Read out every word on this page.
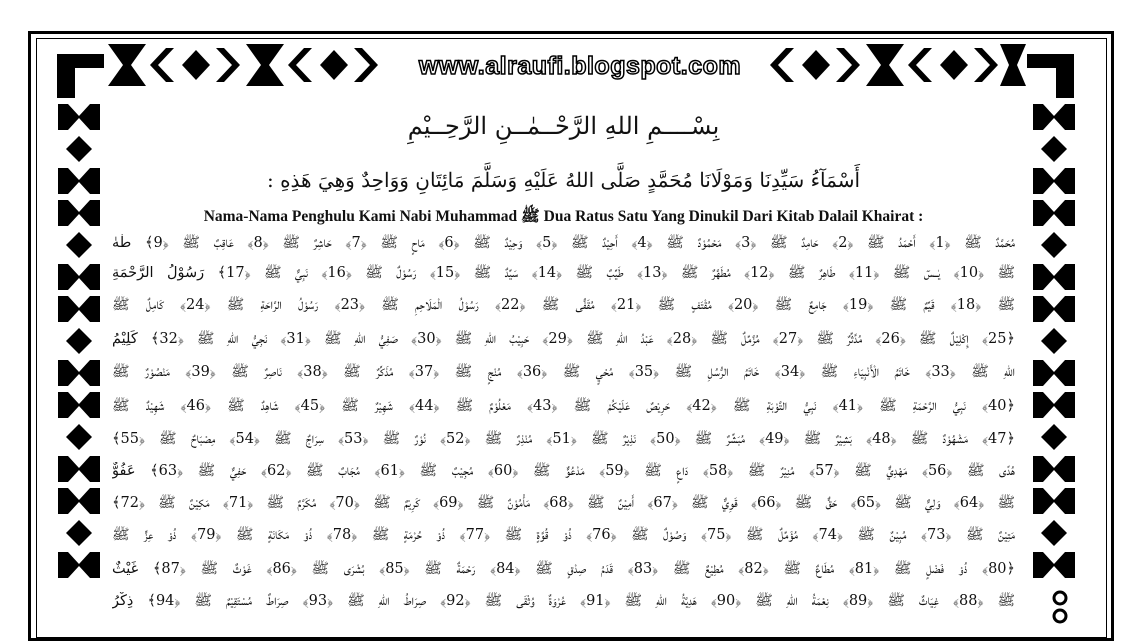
www.alraufi.blogspot.com
بِسْــــمِ اللهِ الرَّحْــمٰــنِ الرَّحِــيْمِ
أَسْمَآءُ سَيِّدِنَا وَمَوْلَانَا مُحَمَّدٍ صَلَّى اللهُ عَلَيْهِ وَسَلَّمَ مَائِتَانِ وَوَاحِدٌ وَهِيَ هَذِهِ :
Nama-Nama Penghulu Kami Nabi Muhammad ﷺ Dua Ratus Satu Yang Dinukil Dari Kitab Dalail Khairat :
مُحَمَّدٌ ﷺ ﴿1﴾ أَحْمَدُ ﷺ ﴿2﴾ حَامِدٌ ﷺ ﴿3﴾ مَحْمُوْدٌ ﷺ ﴿4﴾ أَحِيْدٌ ﷺ ﴿5﴾ وَحِيْدٌ ﷺ ﴿6﴾ مَاحٍ ﷺ ﴿7﴾ حَاشِرٌ ﷺ ﴿8﴾ عَاقِبٌ ﷺ ﴿9﴾ طٰهٰ
ﷺ ﴿10﴾ يٰــسٓ ﷺ ﴿11﴾ طَاهِرٌ ﷺ ﴿12﴾ مُطَهَّرٌ ﷺ ﴿13﴾ طَيِّبٌ ﷺ ﴿14﴾ سَيِّدٌ ﷺ ﴿15﴾ رَسُوْلٌ ﷺ ﴿16﴾ نَبِيٌّ ﷺ ﴿17﴾ رَسُوْلُ الرَّحْمَةِ
ﷺ ﴿18﴾ قَيِّمٌ ﷺ ﴿19﴾ جَامِعٌ ﷺ ﴿20﴾ مُقْتَفٍ ﷺ ﴿21﴾ مُقَفًّى ﷺ ﴿22﴾ رَسُوْلُ الْمَلَاحِمِ ﷺ ﴿23﴾ رَسُوْلُ الرَّاحَةِ ﷺ ﴿24﴾ كَامِلٌ ﷺ
﴿25﴾ إِكْلِيْلٌ ﷺ ﴿26﴾ مُدَّثِّرٌ ﷺ ﴿27﴾ مُزَّمِّلٌ ﷺ ﴿28﴾ عَبْدُ اللهِ ﷺ ﴿29﴾ حَبِيْبُ اللهِ ﷺ ﴿30﴾ صَفِيُّ اللهِ ﷺ ﴿31﴾ نَجِيُّ اللهِ ﷺ ﴿32﴾ كَلِيْمُ
اللهِ ﷺ ﴿33﴾ خَاتَمُ الْأَنْبِيَاءِ ﷺ ﴿34﴾ خَاتَمُ الرُّسُلِ ﷺ ﴿35﴾ مُحْيٍ ﷺ ﴿36﴾ مُنْجٍ ﷺ ﴿37﴾ مُذَكِّرٌ ﷺ ﴿38﴾ نَاصِرٌ ﷺ ﴿39﴾ مَنْصُوْرٌ ﷺ
﴿40﴾ نَبِيُّ الرَّحْمَةِ ﷺ ﴿41﴾ نَبِيُّ التَّوْبَةِ ﷺ ﴿42﴾ حَرِيْصٌ عَلَيْكُمْ ﷺ ﴿43﴾ مَعْلُوْمٌ ﷺ ﴿44﴾ شَهِيْرٌ ﷺ ﴿45﴾ شَاهِدٌ ﷺ ﴿46﴾ شَهِيْدٌ ﷺ
﴿47﴾ مَشْهُوْدٌ ﷺ ﴿48﴾ بَشِيْرٌ ﷺ ﴿49﴾ مُبَشِّرٌ ﷺ ﴿50﴾ نَذِيْرٌ ﷺ ﴿51﴾ مُنْذِرٌ ﷺ ﴿52﴾ نُوْرٌ ﷺ ﴿53﴾ سِرَاجٌ ﷺ ﴿54﴾ مِصْبَاحٌ ﷺ ﴿55﴾
هُدًى ﷺ ﴿56﴾ مَهْدِيٌّ ﷺ ﴿57﴾ مُنِيْرٌ ﷺ ﴿58﴾ دَاعٍ ﷺ ﴿59﴾ مَدْعُوٌّ ﷺ ﴿60﴾ مُجِيْبٌ ﷺ ﴿61﴾ مُجَابٌ ﷺ ﴿62﴾ حَفِيٌّ ﷺ ﴿63﴾ عَفُوٌّ
ﷺ ﴿64﴾ وَلِيٌّ ﷺ ﴿65﴾ حَقٌّ ﷺ ﴿66﴾ قَوِيٌّ ﷺ ﴿67﴾ أَمِيْنٌ ﷺ ﴿68﴾ مَأْمُوْنٌ ﷺ ﴿69﴾ كَرِيْمٌ ﷺ ﴿70﴾ مُكَرَّمٌ ﷺ ﴿71﴾ مَكِيْنٌ ﷺ ﴿72﴾
مَتِيْنٌ ﷺ ﴿73﴾ مُبِيْنٌ ﷺ ﴿74﴾ مُؤَمِّلٌ ﷺ ﴿75﴾ وَصُوْلٌ ﷺ ﴿76﴾ ذُوْ قُوَّةٍ ﷺ ﴿77﴾ ذُوْ حُرْمَةٍ ﷺ ﴿78﴾ ذُوْ مَكَانَةٍ ﷺ ﴿79﴾ ذُوْ عِزٍّ ﷺ
﴿80﴾ ذُوْ فَضْلٍ ﷺ ﴿81﴾ مُطَاعٌ ﷺ ﴿82﴾ مُطِيْعٌ ﷺ ﴿83﴾ قَدَمُ صِدْقٍ ﷺ ﴿84﴾ رَحْمَةٌ ﷺ ﴿85﴾ بُشْرَى ﷺ ﴿86﴾ غَوْثٌ ﷺ ﴿87﴾ غَيْثٌ
ﷺ ﴿88﴾ غِيَاثٌ ﷺ ﴿89﴾ نِعْمَةُ اللهِ ﷺ ﴿90﴾ هَدِيَّةُ اللهِ ﷺ ﴿91﴾ عُرْوَةٌ وُثْقَى ﷺ ﴿92﴾ صِرَاطُ اللهِ ﷺ ﴿93﴾ صِرَاطٌ مُسْتَقِيْمٌ ﷺ ﴿94﴾ ذِكْرُ
